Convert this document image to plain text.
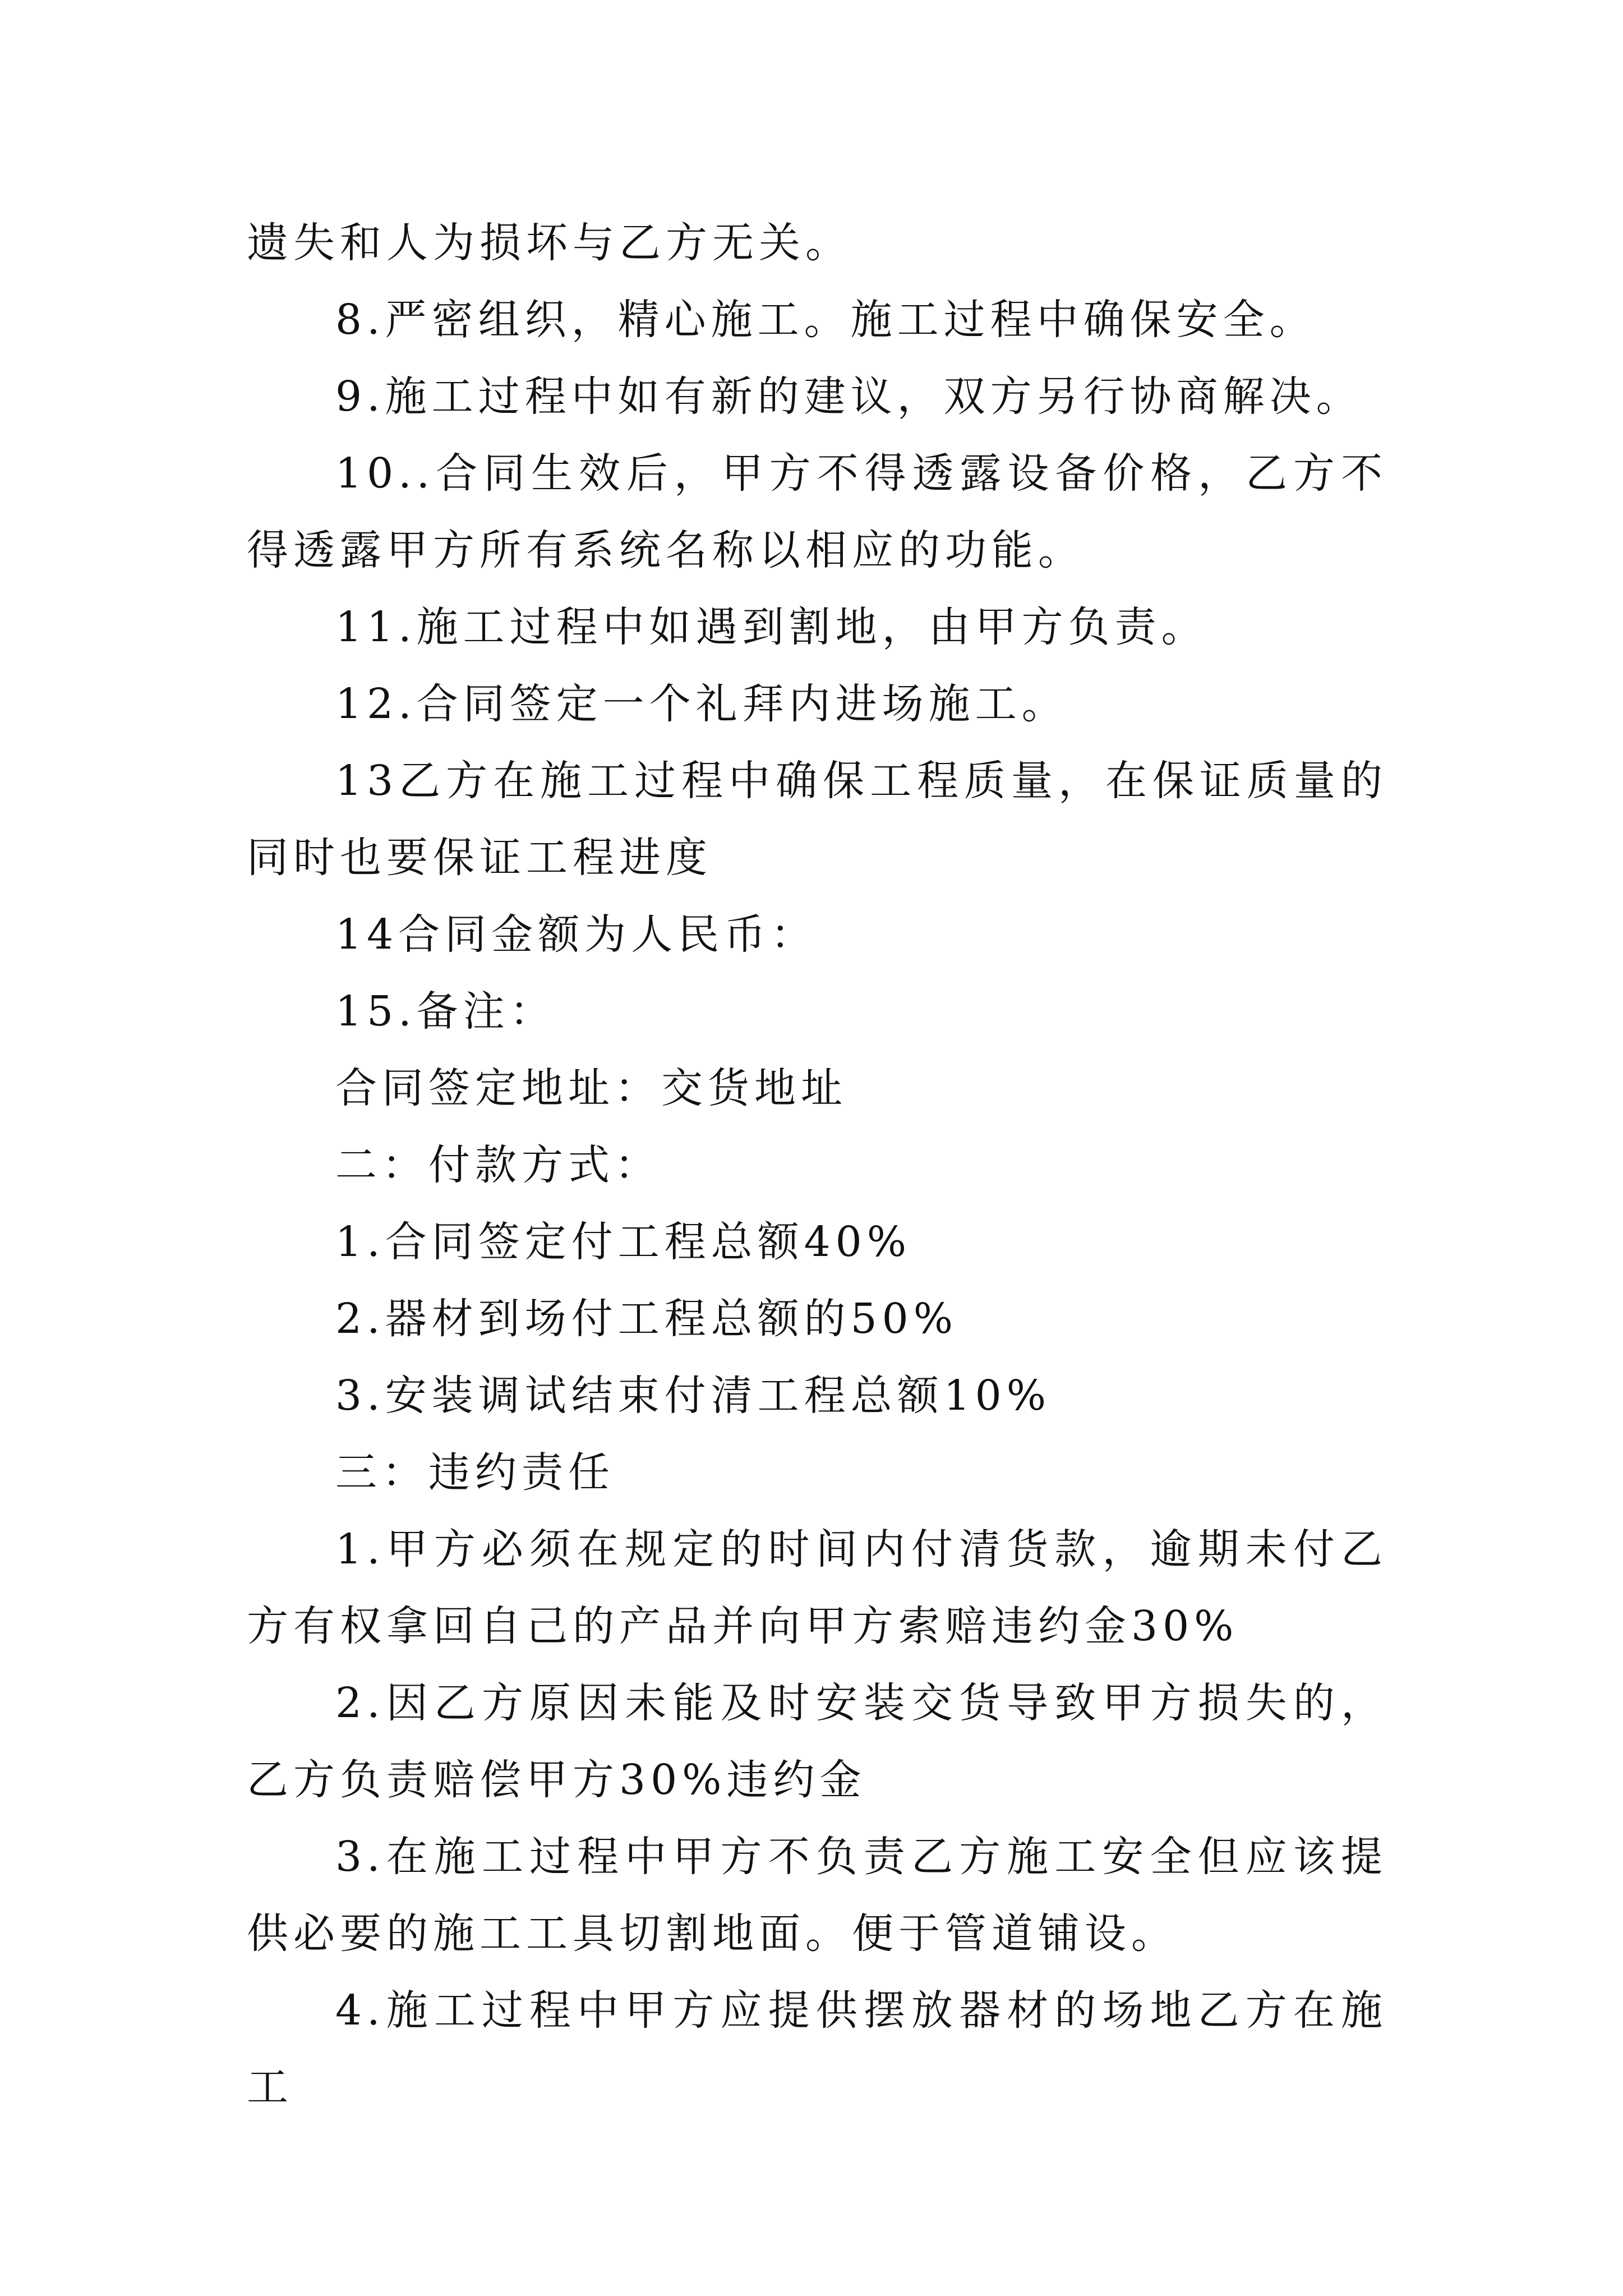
遗失和人为损坏与乙方无关。

8.严密组织，精心施工。施工过程中确保安全。

9.施工过程中如有新的建议，双方另行协商解决。

10..合同生效后，甲方不得透露设备价格，乙方不得透露甲方所有系统名称以相应的功能。

11.施工过程中如遇到割地，由甲方负责。

12.合同签定一个礼拜内进场施工。

13乙方在施工过程中确保工程质量，在保证质量的同时也要保证工程进度

14合同金额为人民币：

15.备注：

合同签定地址：交货地址

二：付款方式：

1.合同签定付工程总额40%

2.器材到场付工程总额的50%

3.安装调试结束付清工程总额10%

三：违约责任

1.甲方必须在规定的时间内付清货款，逾期未付乙方有权拿回自己的产品并向甲方索赔违约金30%

2.因乙方原因未能及时安装交货导致甲方损失的，乙方负责赔偿甲方30%违约金

3.在施工过程中甲方不负责乙方施工安全但应该提供必要的施工工具切割地面。便于管道铺设。

4.施工过程中甲方应提供摆放器材的场地乙方在施工
